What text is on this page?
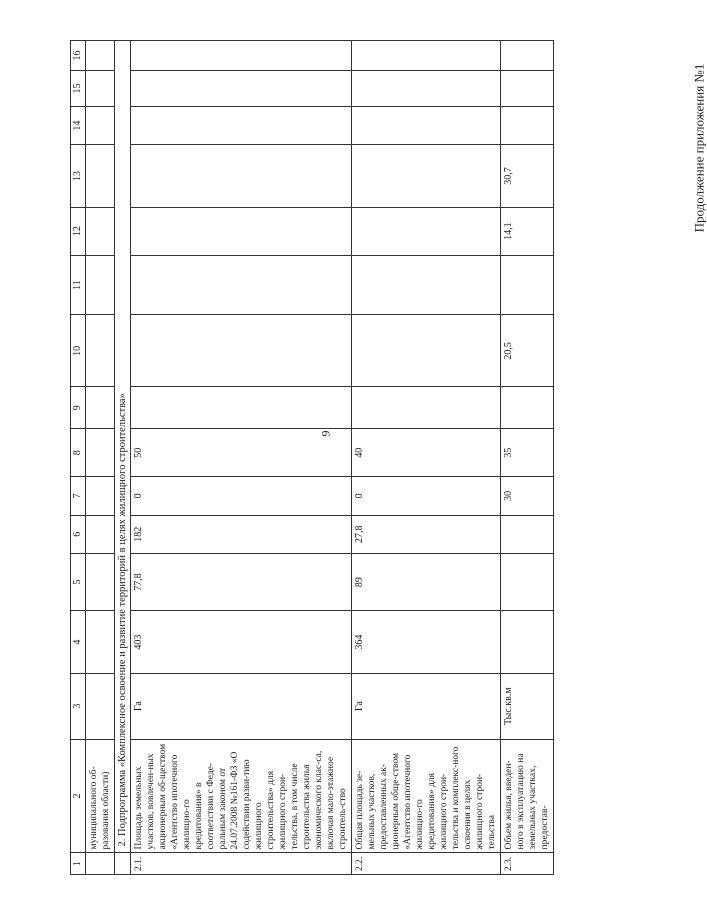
9
Продолжение приложения №1
1	2	3	4	5	6	7	8	9	10	11	12	13	14	15	16
	муниципального об-разования области)														
	2. Подпрограмма «Комплексное освоение и развитие территорий в целях жилищного строительства»														
2.1.	Площадь земельных участков, вовлечен-ных акционерным об-ществом «Агентство ипотечного жилищно-го кредитования» в соответствии с Феде-ральным законом от 24.07.2008 №161-ФЗ «О содействии разви-тию жилищного строительства» для жилищного строи-тельства, в том числе строительства жилья экономического клас-са, включая мало-этажное строитель-ство	Га	403	77,8	182	0	50								
2.2.	Общая площадь зе-мельных участков, предоставленных ак-ционерным обще-ством «Агентство ипотечного жилищно-го кредитования» для жилищного строи-тельства и комплекс-ного освоения в целях жилищного строи-тельства	Га	364	89	27,8	0	40								
2.3.	Объем жилья, введен-ного в эксплуатацию на земельных участках, предостав-	Тыс.кв.м				30	35		20,5		14,1	30,7			
